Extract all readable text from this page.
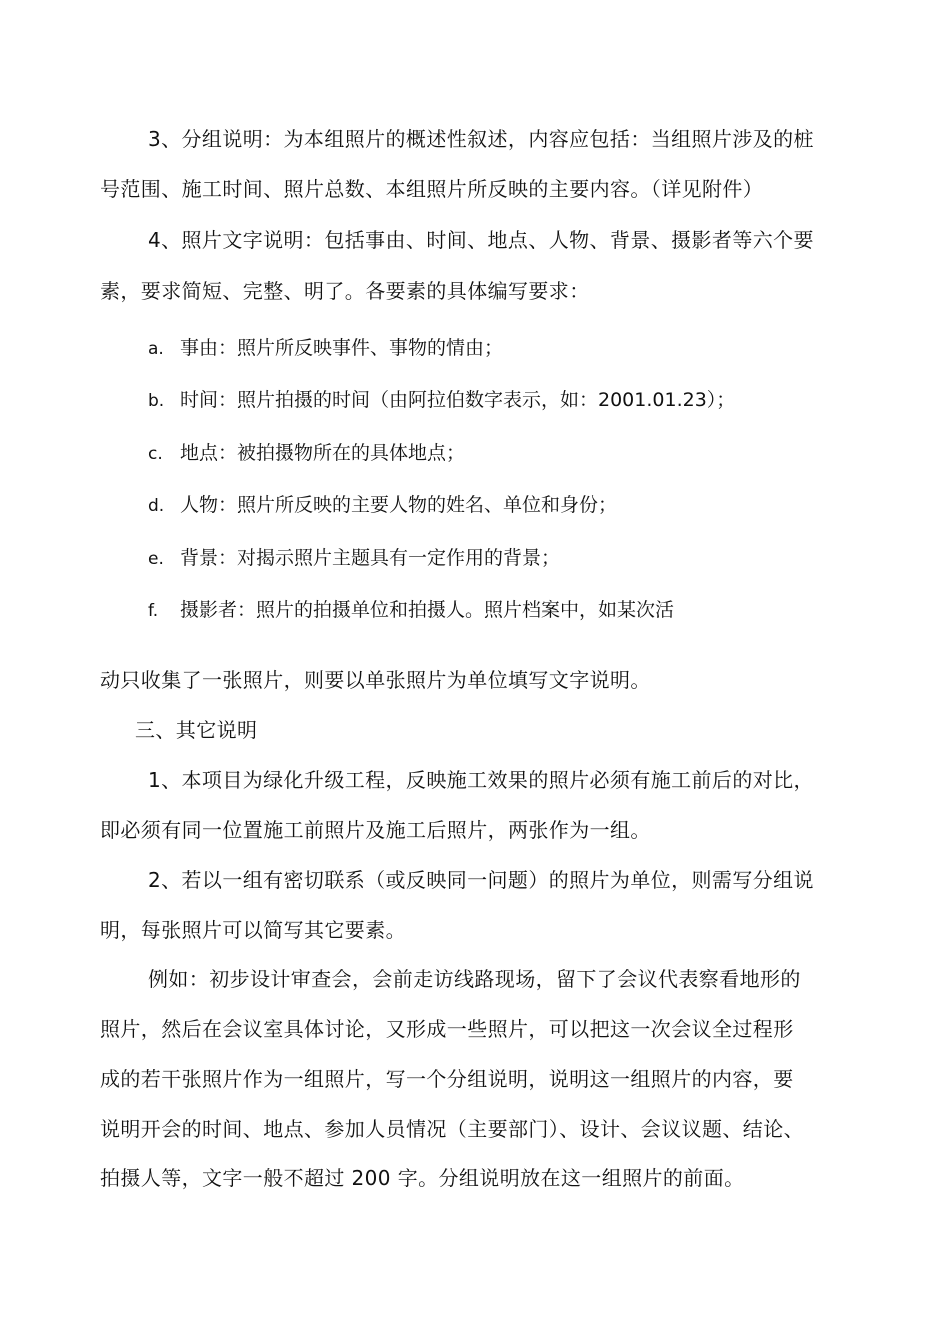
3、分组说明：为本组照片的概述性叙述，内容应包括：当组照片涉及的桩
号范围、施工时间、照片总数、本组照片所反映的主要内容。（详见附件）
4、照片文字说明：包括事由、时间、地点、人物、背景、摄影者等六个要
素，要求简短、完整、明了。各要素的具体编写要求：
a. 事由：照片所反映事件、事物的情由；
b. 时间：照片拍摄的时间（由阿拉伯数字表示，如：2001.01.23）；
c. 地点：被拍摄物所在的具体地点；
d. 人物：照片所反映的主要人物的姓名、单位和身份；
e. 背景：对揭示照片主题具有一定作用的背景；
f. 摄影者：照片的拍摄单位和拍摄人。照片档案中，如某次活
动只收集了一张照片，则要以单张照片为单位填写文字说明。
三、其它说明
1、本项目为绿化升级工程，反映施工效果的照片必须有施工前后的对比，
即必须有同一位置施工前照片及施工后照片，两张作为一组。
2、若以一组有密切联系（或反映同一问题）的照片为单位，则需写分组说
明，每张照片可以简写其它要素。
例如：初步设计审查会，会前走访线路现场，留下了会议代表察看地形的
照片，然后在会议室具体讨论，又形成一些照片，可以把这一次会议全过程形
成的若干张照片作为一组照片，写一个分组说明，说明这一组照片的内容，要
说明开会的时间、地点、参加人员情况（主要部门）、设计、会议议题、结论、
拍摄人等，文字一般不超过 200 字。分组说明放在这一组照片的前面。
